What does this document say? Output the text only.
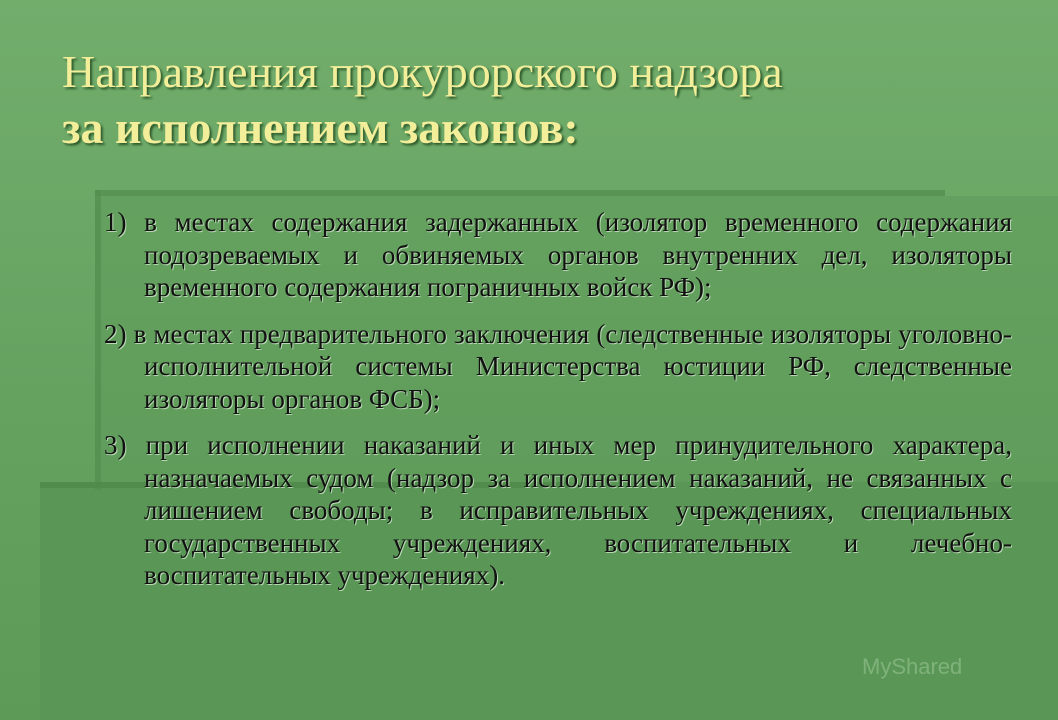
Направления прокурорского надзора
за исполнением законов:
1) в местах содержания задержанных (изолятор временного содержания подозреваемых и обвиняемых органов внутренних дел, изоляторы временного содержания пограничных войск РФ);
2) в местах предварительного заключения (следственные изоляторы уголовно-исполнительной системы Министерства юстиции РФ, следственные изоляторы органов ФСБ);
3) при исполнении наказаний и иных мер принудительного характера, назначаемых судом (надзор за исполнением наказаний, не связанных с лишением свободы; в исправительных учреждениях, специальных государственных учреждениях, воспитательных и лечебно-воспитательных учреждениях).
MyShared
